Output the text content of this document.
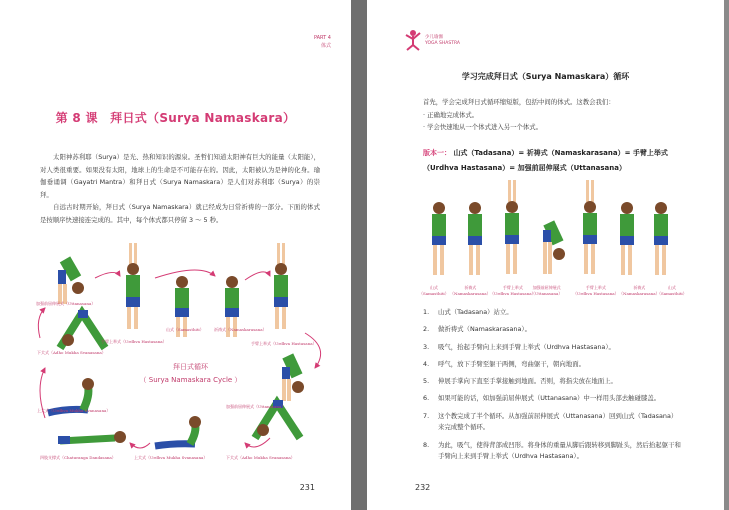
PART 4
体式
第 8 课　拜日式（Surya Namaskara）

太阳神苏利耶（Surya）是光、热和知识的源泉。圣哲们知道太阳神有巨大的能量（太阳能），对人类很重要。如果没有太阳，地球上的生命是不可能存在的。因此，太阳被认为是神的化身。瑜伽垂诵调（Gayatri Mantra）和拜日式（Surya Namaskara）是人们对苏利耶（Surya）的崇拜。

自远古时期开始，拜日式（Surya Namaskara）就已经成为日常祈祷的一部分。下面的体式是按顺序快速接连完成的。其中，每个体式都只停留 3 ～ 5 秒。

拜日式循环
（ Surya Namaskara Cycle ）
加强前屈伸展式（Uttanasana）
手臂上举式（Urdhva Hastasana）
山式（Samasthiti）	祈祷式（Namaskarasana）
手臂上举式（Urdhva Hastasana）
下犬式（Adho Mukha Svanasana）
加强前屈伸展式（Uttanasana）
上犬式（Urdhva Mukha Svanasana）
下犬式（Adho Mukha Svanasana）
四肢支撑式（Chaturanga Dandasana）	上犬式（Urdhva Mukha Svanasana）
231
少儿瑜伽
YOGA SHASTRA
学习完成拜日式（Surya Namaskara）循环
首先，学会完成拜日式循环缩短版，包括中间的体式。这教会我们：
· 正确地完成体式。
· 学会快速地从一个体式进入另一个体式。
版本一： 山式（Tadasana）= 祈祷式（Namaskarasana）= 手臂上举式（Urdhva Hastasana）= 加强前屈伸展式（Uttanasana）
山式
（Samasthiti）
祈祷式
（Namaskarasana）
手臂上举式
（Urdhva Hastasana）
加强前屈伸展式
（Uttanasana）
手臂上举式
（Urdhva Hastasana）
祈祷式
（Namaskarasana）
山式
（Samasthiti）
1. 山式（Tadasana）站立。
2. 做祈祷式（Namaskarasana）。
3. 吸气，抬起手臂向上来到手臂上举式（Urdhva Hastasana）。
4. 呼气，放下手臂至躯干两侧，弯曲躯干，朝向地面。
5. 伸展手掌向下直至手掌接触到地面。否则，将指尖放在地面上。
6. 如果可能的话，如加强前屈伸展式（Uttanasana）中一样用头部去触碰膝盖。
7. 这个教完成了半个循环。从加强前屈伸展式（Uttanasana）回到山式（Tadasana）来完成整个循环。
8. 为此，吸气，使得背部成凹形。将身体的重量从脚后跟转移到脚趾头，然后抬起躯干和手臂向上来到手臂上举式（Urdhva Hastasana）。
232
